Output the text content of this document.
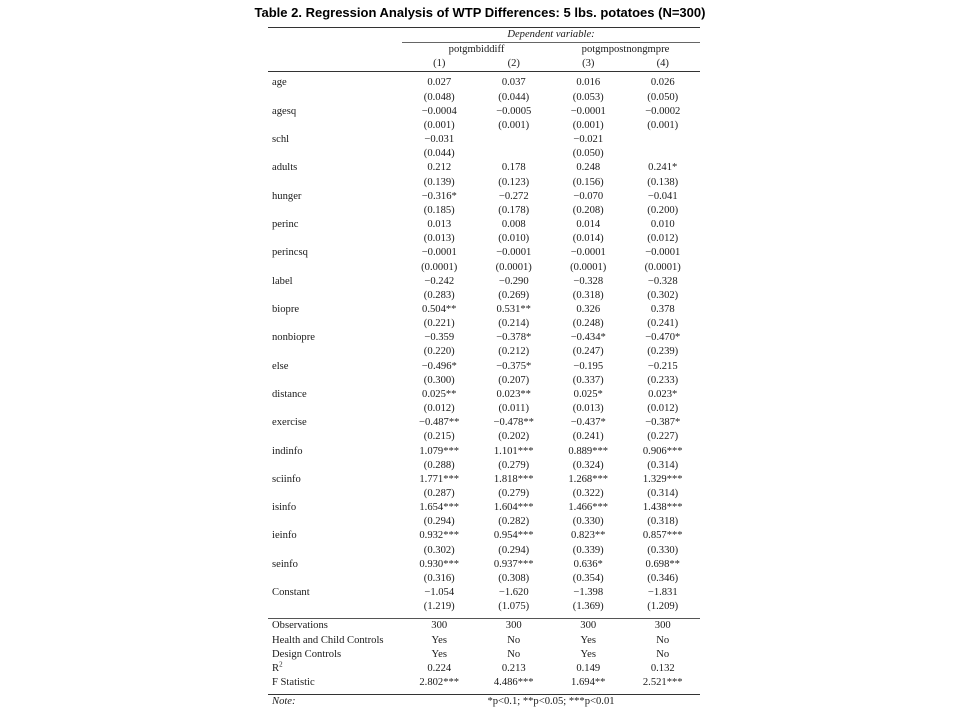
Table 2. Regression Analysis of WTP Differences: 5 lbs. potatoes (N=300)
	Dependent variable:			
	potgmbiddiff		potgmpostnongmpre	
	(1)	(2)	(3)	(4)

age	0.027	0.037	0.016	0.026
	(0.048)	(0.044)	(0.053)	(0.050)
agesq	−0.0004	−0.0005	−0.0001	−0.0002
	(0.001)	(0.001)	(0.001)	(0.001)
schl	−0.031		−0.021	
	(0.044)		(0.050)	
adults	0.212	0.178	0.248	0.241*
	(0.139)	(0.123)	(0.156)	(0.138)
hunger	−0.316*	−0.272	−0.070	−0.041
	(0.185)	(0.178)	(0.208)	(0.200)
perinc	0.013	0.008	0.014	0.010
	(0.013)	(0.010)	(0.014)	(0.012)
perincsq	−0.0001	−0.0001	−0.0001	−0.0001
	(0.0001)	(0.0001)	(0.0001)	(0.0001)
label	−0.242	−0.290	−0.328	−0.328
	(0.283)	(0.269)	(0.318)	(0.302)
biopre	0.504**	0.531**	0.326	0.378
	(0.221)	(0.214)	(0.248)	(0.241)
nonbiopre	−0.359	−0.378*	−0.434*	−0.470*
	(0.220)	(0.212)	(0.247)	(0.239)
else	−0.496*	−0.375*	−0.195	−0.215
	(0.300)	(0.207)	(0.337)	(0.233)
distance	0.025**	0.023**	0.025*	0.023*
	(0.012)	(0.011)	(0.013)	(0.012)
exercise	−0.487**	−0.478**	−0.437*	−0.387*
	(0.215)	(0.202)	(0.241)	(0.227)
indinfo	1.079***	1.101***	0.889***	0.906***
	(0.288)	(0.279)	(0.324)	(0.314)
sciinfo	1.771***	1.818***	1.268***	1.329***
	(0.287)	(0.279)	(0.322)	(0.314)
isinfo	1.654***	1.604***	1.466***	1.438***
	(0.294)	(0.282)	(0.330)	(0.318)
ieinfo	0.932***	0.954***	0.823**	0.857***
	(0.302)	(0.294)	(0.339)	(0.330)
seinfo	0.930***	0.937***	0.636*	0.698**
	(0.316)	(0.308)	(0.354)	(0.346)
Constant	−1.054	−1.620	−1.398	−1.831
	(1.219)	(1.075)	(1.369)	(1.209)

Observations	300	300	300	300
Health and Child Controls	Yes	No	Yes	No
Design Controls	Yes	No	Yes	No
$R^2$	0.224	0.213	0.149	0.132
F Statistic	2.802***	4.486***	1.694**	2.521***

Note:	*p<0.1; **p<0.05; ***p<0.01			
